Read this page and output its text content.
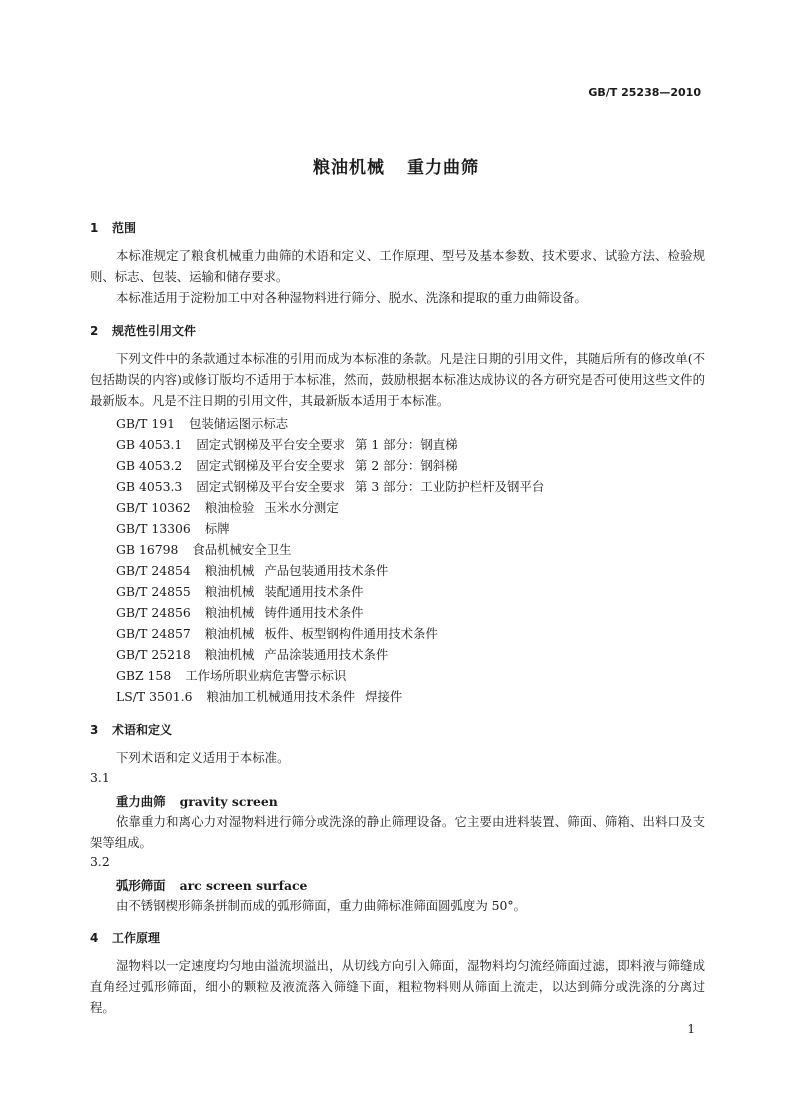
GB/T 25238—2010
粮油机械 重力曲筛
1 范围
本标准规定了粮食机械重力曲筛的术语和定义、工作原理、型号及基本参数、技术要求、试验方法、检验规则、标志、包装、运输和储存要求。
本标准适用于淀粉加工中对各种湿物料进行筛分、脱水、洗涤和提取的重力曲筛设备。
2 规范性引用文件
下列文件中的条款通过本标准的引用而成为本标准的条款。凡是注日期的引用文件，其随后所有的修改单(不包括勘误的内容)或修订版均不适用于本标准，然而，鼓励根据本标准达成协议的各方研究是否可使用这些文件的最新版本。凡是不注日期的引用文件，其最新版本适用于本标准。
GB/T 191 包装储运图示标志
GB 4053.1 固定式钢梯及平台安全要求 第 1 部分：钢直梯
GB 4053.2 固定式钢梯及平台安全要求 第 2 部分：钢斜梯
GB 4053.3 固定式钢梯及平台安全要求 第 3 部分：工业防护栏杆及钢平台
GB/T 10362 粮油检验 玉米水分测定
GB/T 13306 标牌
GB 16798 食品机械安全卫生
GB/T 24854 粮油机械 产品包装通用技术条件
GB/T 24855 粮油机械 装配通用技术条件
GB/T 24856 粮油机械 铸件通用技术条件
GB/T 24857 粮油机械 板件、板型钢构件通用技术条件
GB/T 25218 粮油机械 产品涂装通用技术条件
GBZ 158 工作场所职业病危害警示标识
LS/T 3501.6 粮油加工机械通用技术条件 焊接件
3 术语和定义
下列术语和定义适用于本标准。
3.1
重力曲筛 gravity screen
依靠重力和离心力对湿物料进行筛分或洗涤的静止筛理设备。它主要由进料装置、筛面、筛箱、出料口及支架等组成。
3.2
弧形筛面 arc screen surface
由不锈钢楔形筛条拼制而成的弧形筛面，重力曲筛标准筛面圆弧度为 50°。
4 工作原理
湿物料以一定速度均匀地由溢流坝溢出，从切线方向引入筛面，湿物料均匀流经筛面过滤，即料液与筛缝成直角经过弧形筛面，细小的颗粒及液流落入筛缝下面，粗粒物料则从筛面上流走，以达到筛分或洗涤的分离过程。
1
